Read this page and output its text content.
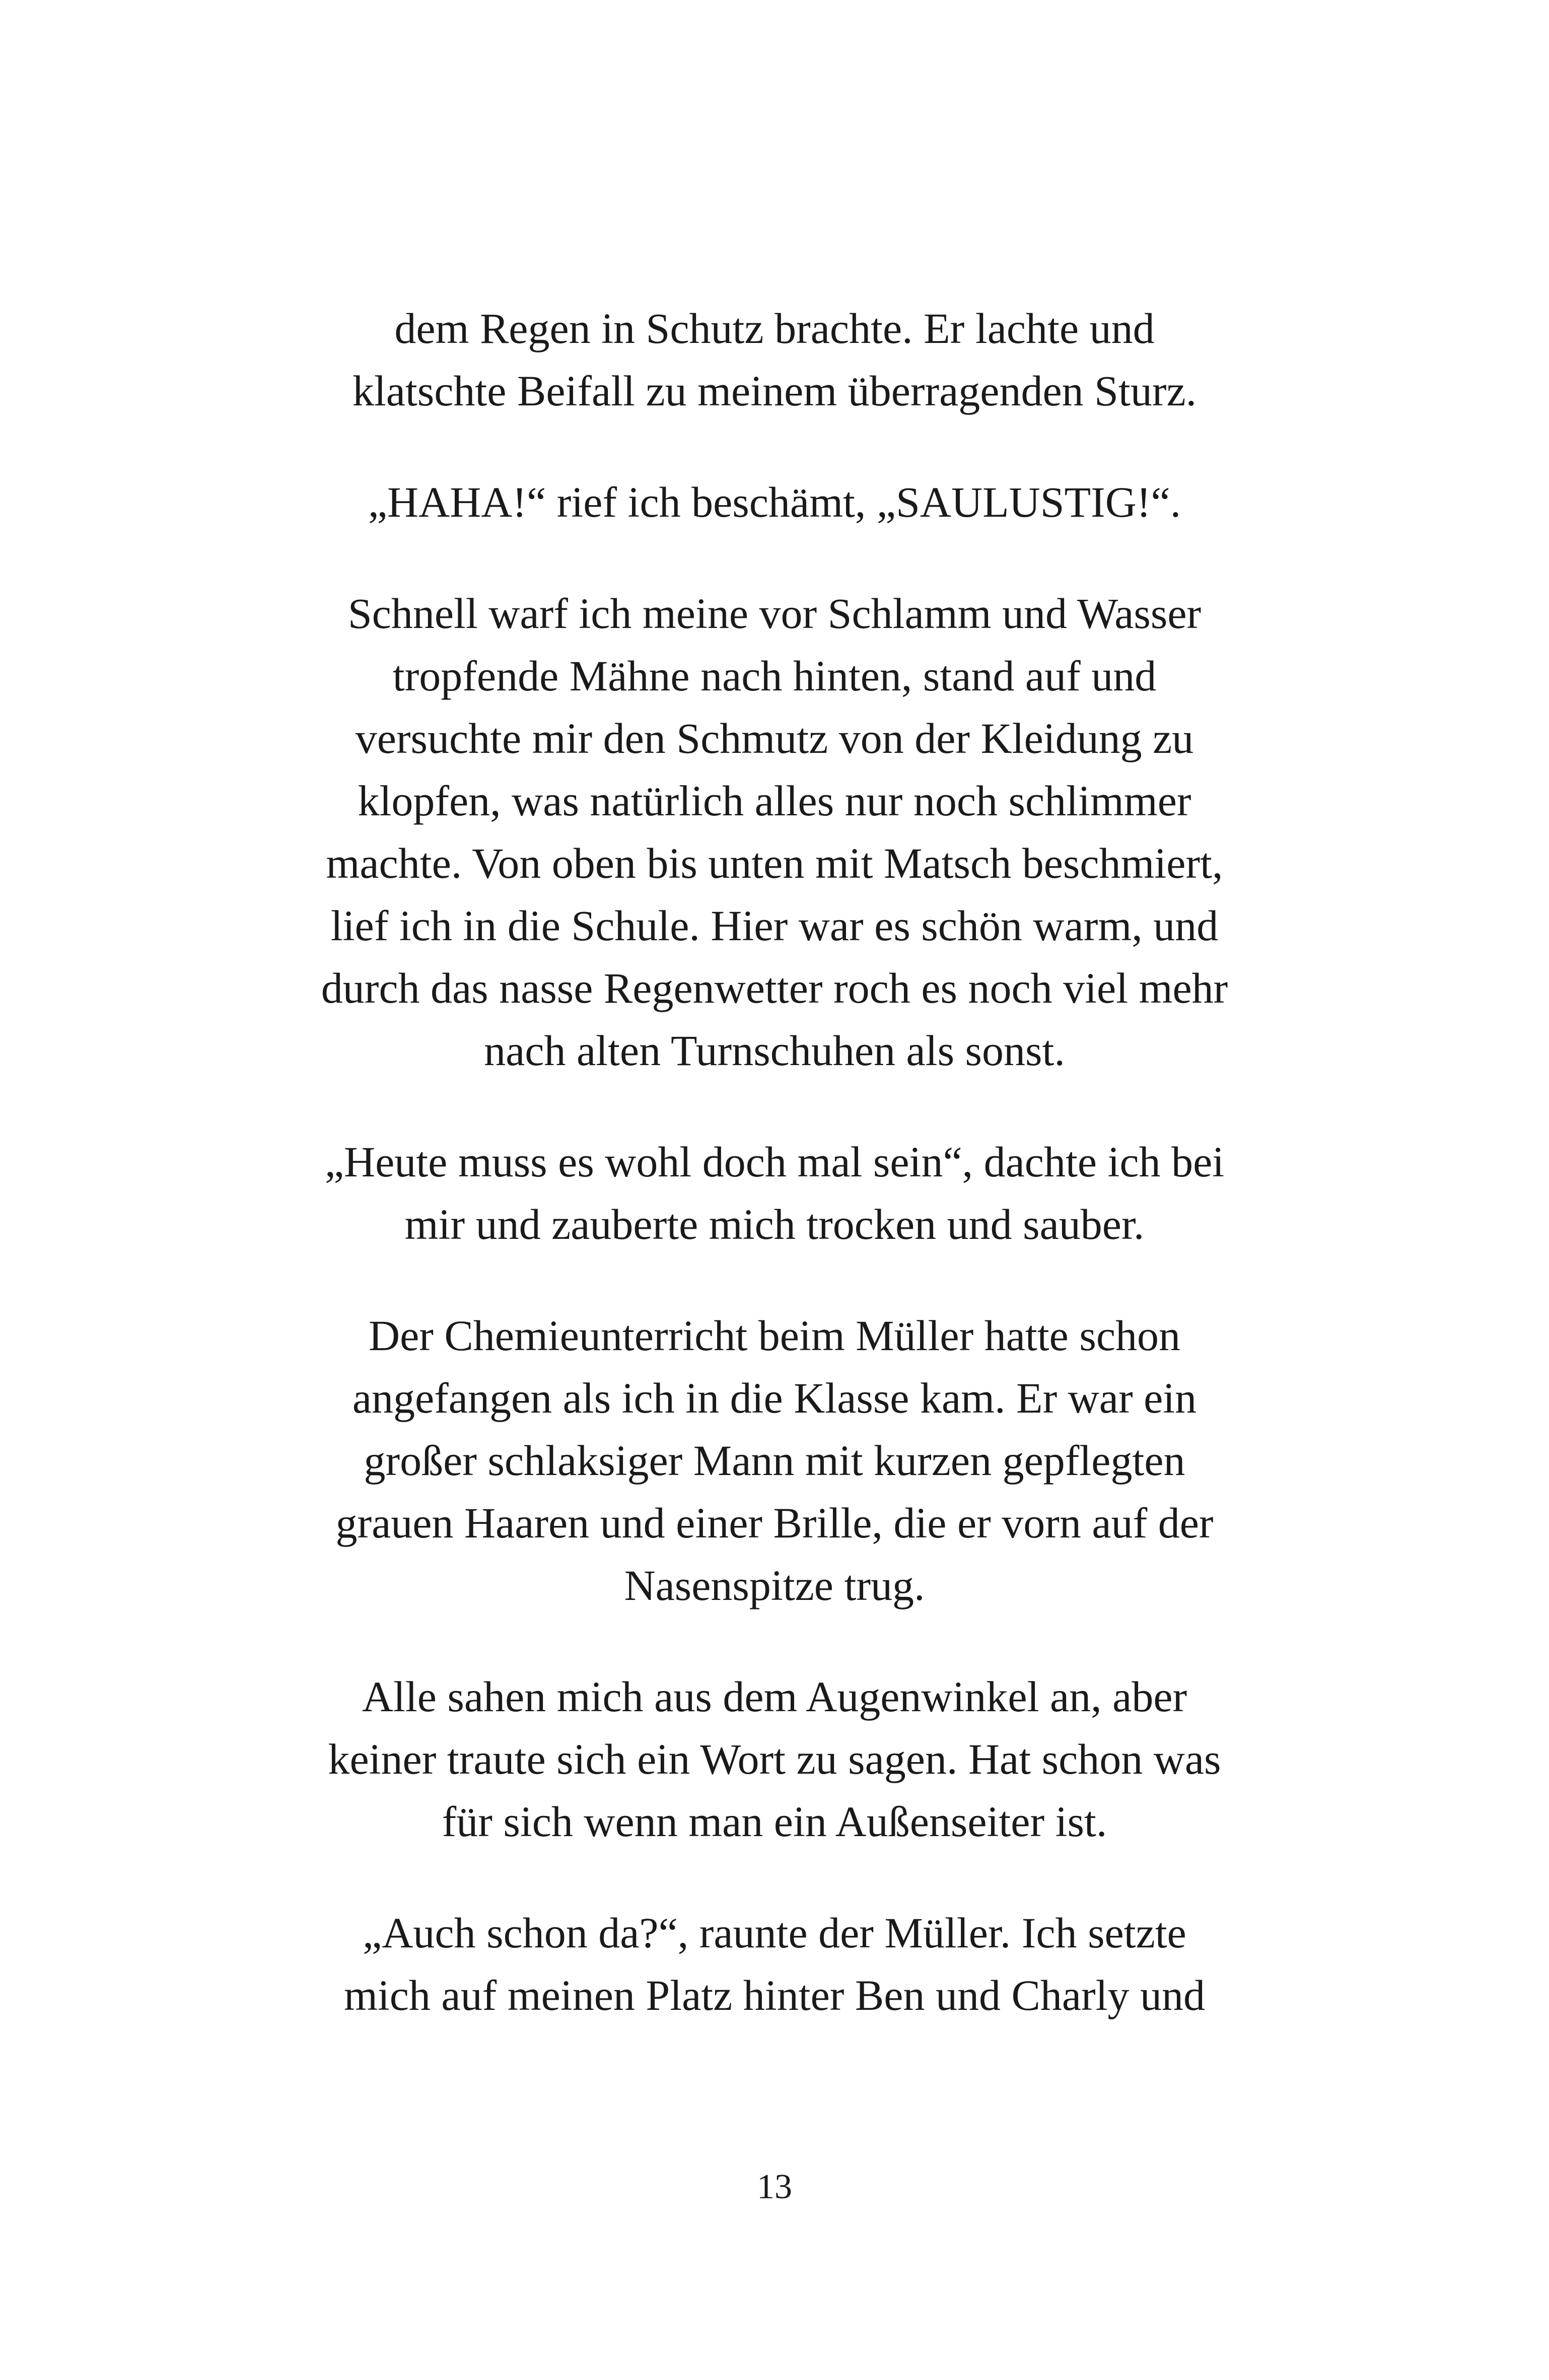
dem Regen in Schutz brachte. Er lachte und
klatschte Beifall zu meinem überragenden Sturz.

„HAHA!“ rief ich beschämt, „SAULUSTIG!“.

Schnell warf ich meine vor Schlamm und Wasser
tropfende Mähne nach hinten, stand auf und
versuchte mir den Schmutz von der Kleidung zu
klopfen, was natürlich alles nur noch schlimmer
machte. Von oben bis unten mit Matsch beschmiert,
lief ich in die Schule. Hier war es schön warm, und
durch das nasse Regenwetter roch es noch viel mehr
nach alten Turnschuhen als sonst.

„Heute muss es wohl doch mal sein“, dachte ich bei
mir und zauberte mich trocken und sauber.

Der Chemieunterricht beim Müller hatte schon
angefangen als ich in die Klasse kam. Er war ein
großer schlaksiger Mann mit kurzen gepflegten
grauen Haaren und einer Brille, die er vorn auf der
Nasenspitze trug.

Alle sahen mich aus dem Augenwinkel an, aber
keiner traute sich ein Wort zu sagen. Hat schon was
für sich wenn man ein Außenseiter ist.

„Auch schon da?“, raunte der Müller. Ich setzte
mich auf meinen Platz hinter Ben und Charly und

13
